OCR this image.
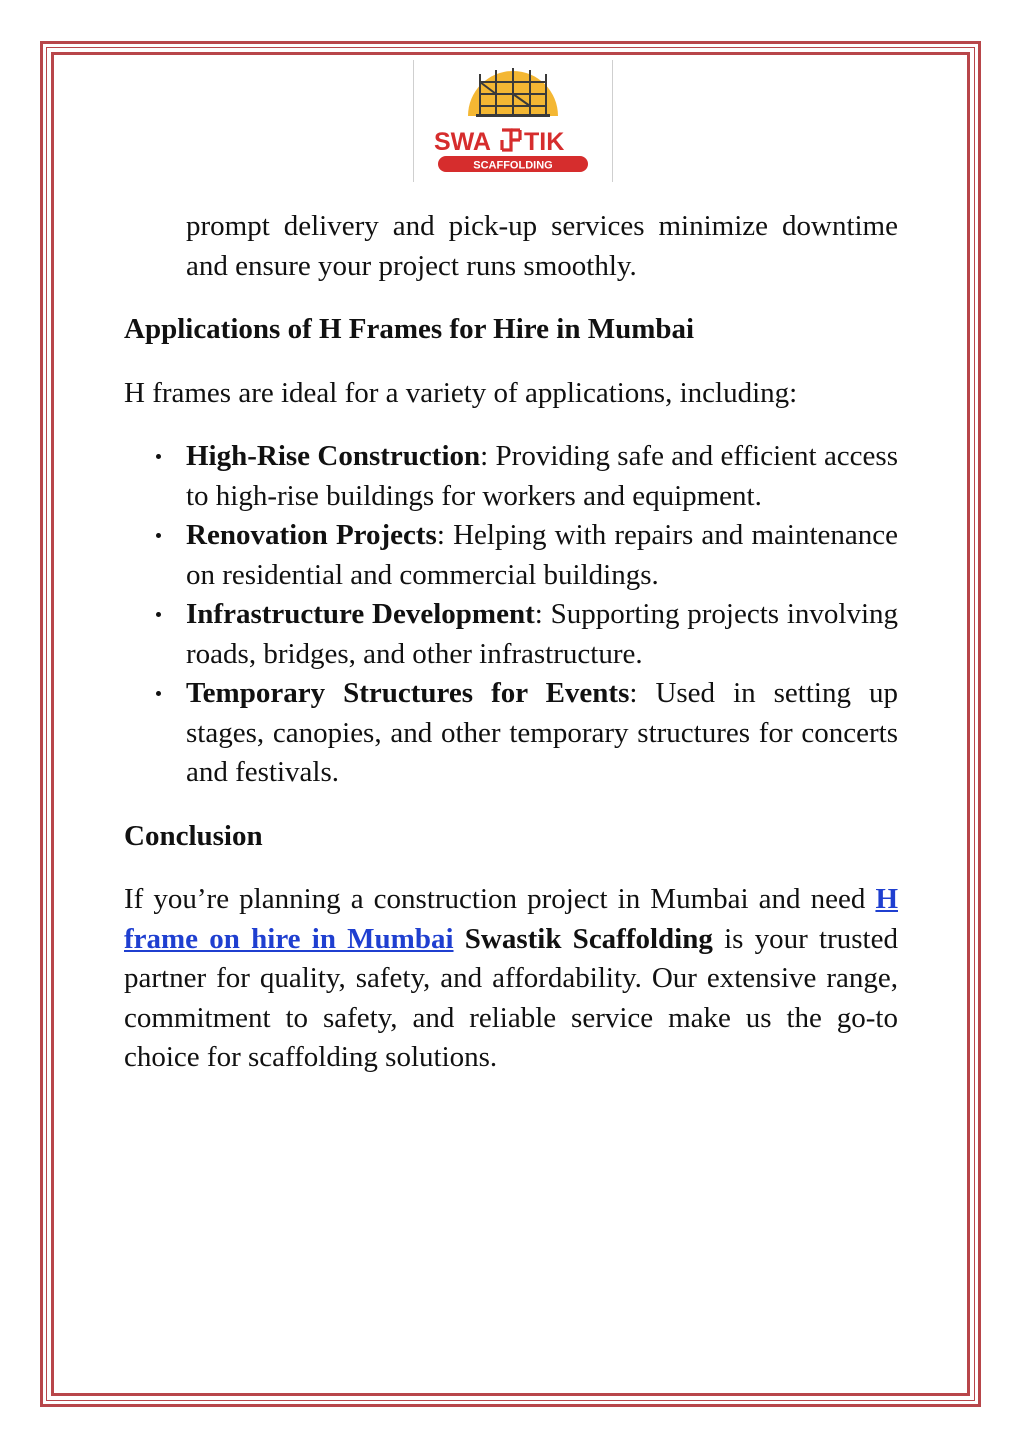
SWA TIK
SCAFFOLDING

prompt delivery and pick-up services minimize downtime and ensure your project runs smoothly.

Applications of H Frames for Hire in Mumbai

H frames are ideal for a variety of applications, including:

High-Rise Construction: Providing safe and efficient access to high-rise buildings for workers and equipment.
Renovation Projects: Helping with repairs and maintenance on residential and commercial buildings.
Infrastructure Development: Supporting projects involving roads, bridges, and other infrastructure.
Temporary Structures for Events: Used in setting up stages, canopies, and other temporary structures for concerts and festivals.
Conclusion

If you’re planning a construction project in Mumbai and need H frame on hire in Mumbai Swastik Scaffolding is your trusted partner for quality, safety, and affordability. Our extensive range, commitment to safety, and reliable service make us the go-to choice for scaffolding solutions.
